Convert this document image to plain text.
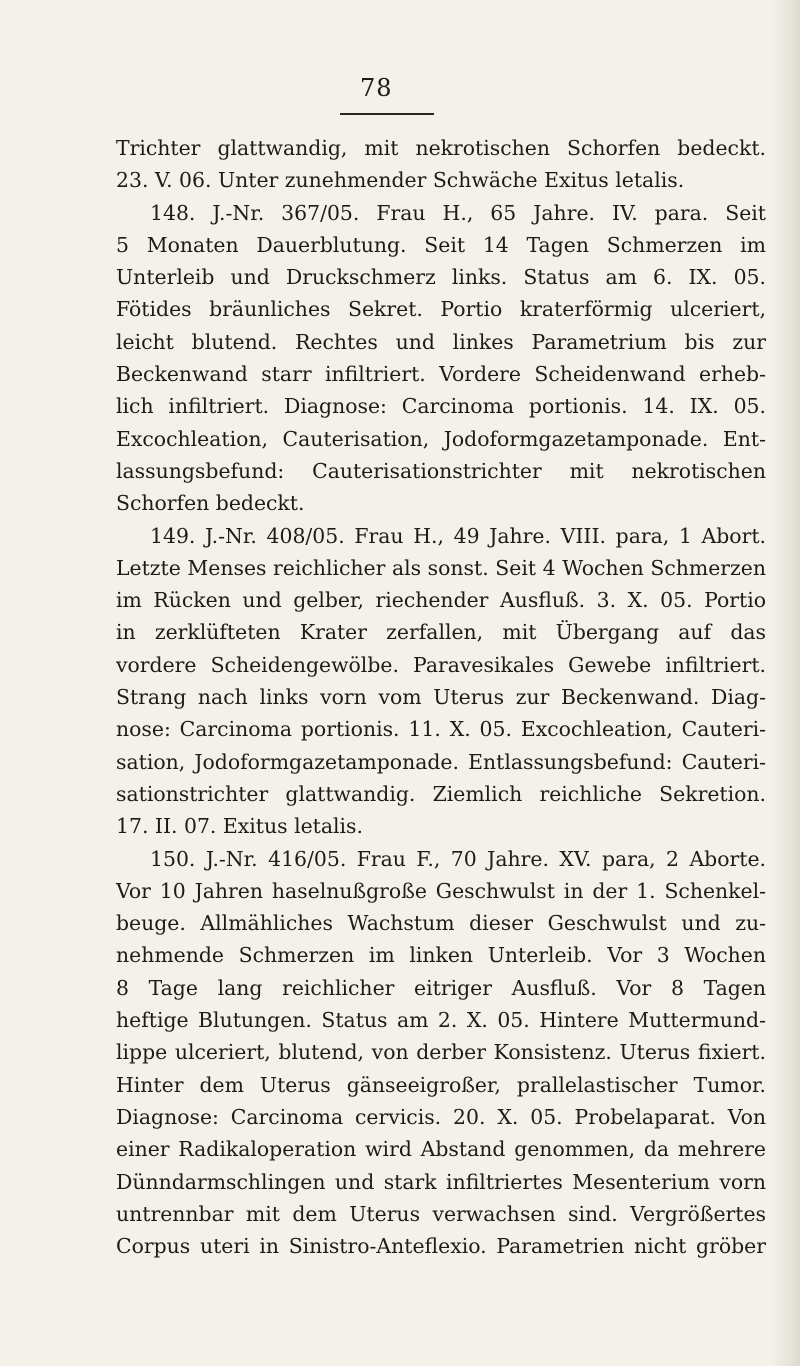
78
Trichter glattwandig, mit nekrotischen Schorfen bedeckt.
23. V. 06. Unter zunehmender Schwäche Exitus letalis.
148. J.-Nr. 367/05. Frau H., 65 Jahre. IV. para. Seit
5 Monaten Dauerblutung. Seit 14 Tagen Schmerzen im
Unterleib und Druckschmerz links. Status am 6. IX. 05.
Fötides bräunliches Sekret. Portio kraterförmig ulceriert,
leicht blutend. Rechtes und linkes Parametrium bis zur
Beckenwand starr infiltriert. Vordere Scheidenwand erheb-
lich infiltriert. Diagnose: Carcinoma portionis. 14. IX. 05.
Excochleation, Cauterisation, Jodoformgazetamponade. Ent-
lassungsbefund: Cauterisationstrichter mit nekrotischen
Schorfen bedeckt.
149. J.-Nr. 408/05. Frau H., 49 Jahre. VIII. para, 1 Abort.
Letzte Menses reichlicher als sonst. Seit 4 Wochen Schmerzen
im Rücken und gelber, riechender Ausfluß. 3. X. 05. Portio
in zerklüfteten Krater zerfallen, mit Übergang auf das
vordere Scheidengewölbe. Paravesikales Gewebe infiltriert.
Strang nach links vorn vom Uterus zur Beckenwand. Diag-
nose: Carcinoma portionis. 11. X. 05. Excochleation, Cauteri-
sation, Jodoformgazetamponade. Entlassungsbefund: Cauteri-
sationstrichter glattwandig. Ziemlich reichliche Sekretion.
17. II. 07. Exitus letalis.
150. J.-Nr. 416/05. Frau F., 70 Jahre. XV. para, 2 Aborte.
Vor 10 Jahren haselnußgroße Geschwulst in der 1. Schenkel-
beuge. Allmähliches Wachstum dieser Geschwulst und zu-
nehmende Schmerzen im linken Unterleib. Vor 3 Wochen
8 Tage lang reichlicher eitriger Ausfluß. Vor 8 Tagen
heftige Blutungen. Status am 2. X. 05. Hintere Muttermund-
lippe ulceriert, blutend, von derber Konsistenz. Uterus fixiert.
Hinter dem Uterus gänseeigroßer, prallelastischer Tumor.
Diagnose: Carcinoma cervicis. 20. X. 05. Probelaparat. Von
einer Radikaloperation wird Abstand genommen, da mehrere
Dünndarmschlingen und stark infiltriertes Mesenterium vorn
untrennbar mit dem Uterus verwachsen sind. Vergrößertes
Corpus uteri in Sinistro-Anteflexio. Parametrien nicht gröber
